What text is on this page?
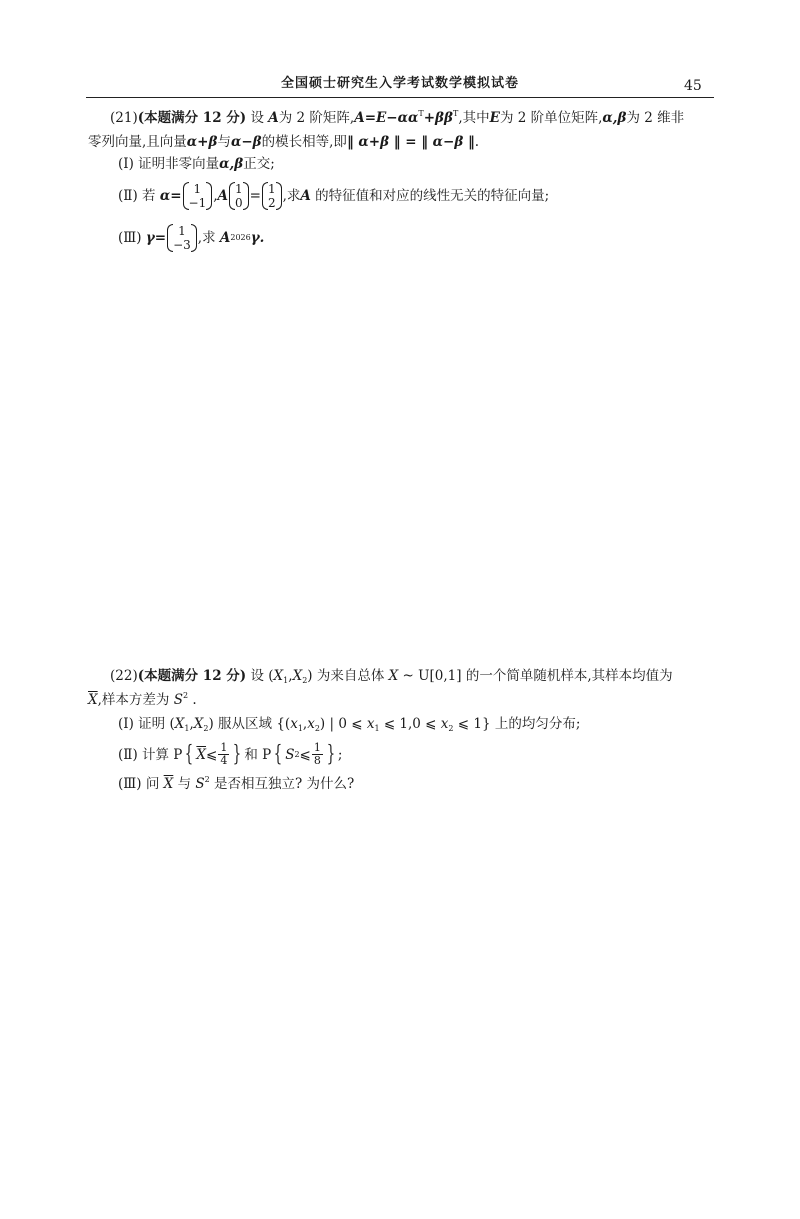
全国硕士研究生入学考试数学模拟试卷	45
(21)(本题满分 12 分) 设 A为 2 阶矩阵$,A=E-\alpha\alpha^T+\beta\beta^T$,其中E为 2 阶单位矩阵,α,β为 2 维非
零列向量,且向量α+β与α−β的模长相等,即‖ α+β ‖ = ‖ α−β ‖.
(Ⅰ) 证明非零向量α,β正交;
(Ⅱ)
若
α= 1
−1 , A 1
0 = 1
2 ,求 A
的特征值和对应的线性无关的特征向量;
(Ⅲ)
γ= 1
−3 ,求
A 2026 γ.
(22)(本题满分 12 分) 设 $(X_1,X_2)$ 为来自总体 X ~ U[0,1] 的一个简单随机样本,其样本均值为
$\overline{X}$,样本方差为 $S^2$ .
(Ⅰ) 证明 $(X_1,X_2)$ 服从区域 {$(x_1,x_2)$ | 0 ⩽ $x_1$ ⩽ 1,0 ⩽ $x_2$ ⩽ 1} 上的均匀分布;
(Ⅱ)
计算 P { $\overline{X}$ ⩽ $\frac{1}{4}$ } 和 P { S 2 ⩽ $\frac{1}{8}$ } ;
(Ⅲ) 问 $\overline{X}$ 与 $S^2$ 是否相互独立? 为什么?
